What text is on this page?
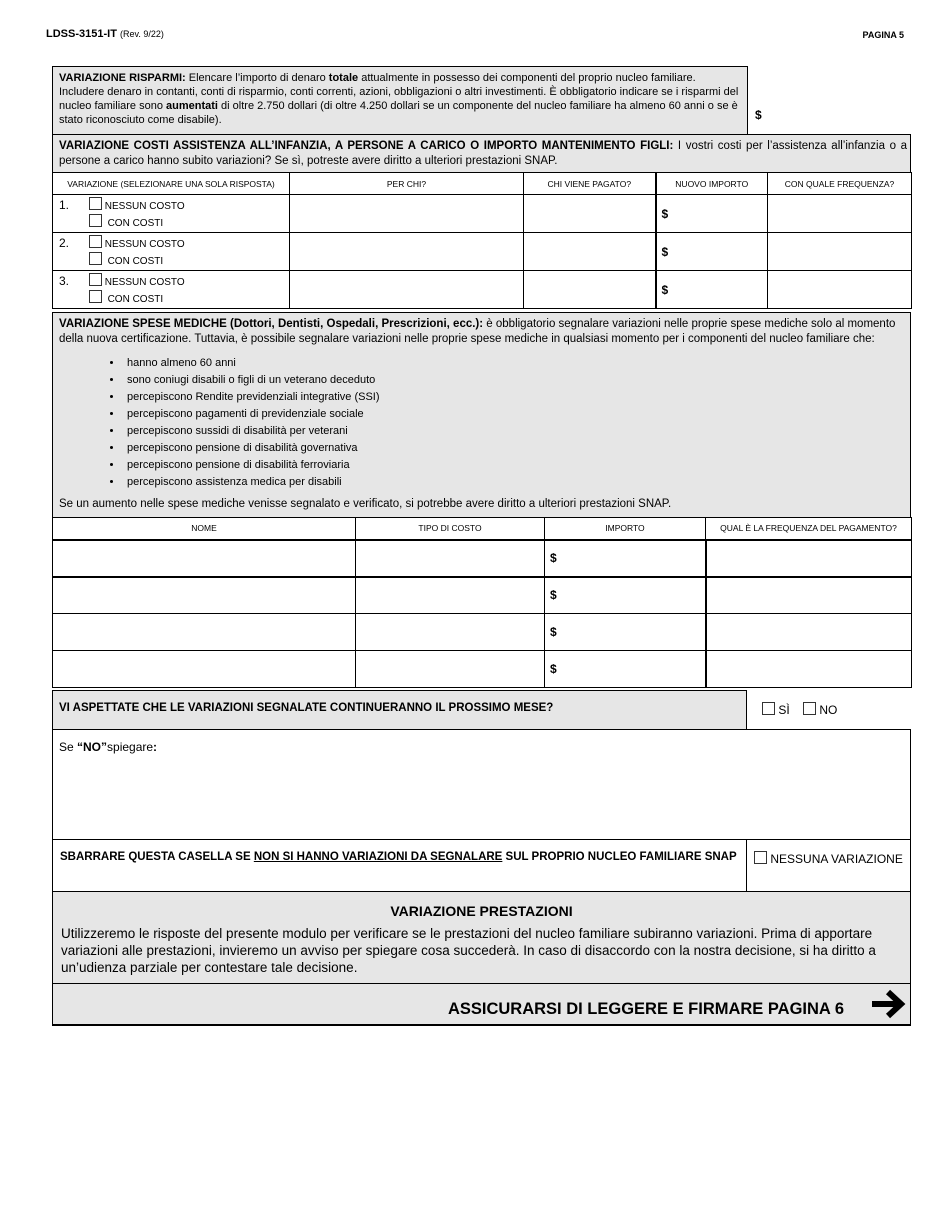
LDSS-3151-IT (Rev. 9/22)	PAGINA 5
VARIAZIONE RISPARMI: Elencare l’importo di denaro totale attualmente in possesso dei componenti del proprio nucleo familiare. Includere denaro in contanti, conti di risparmio, conti correnti, azioni, obbligazioni o altri investimenti. È obbligatorio indicare se i risparmi del nucleo familiare sono aumentati di oltre 2.750 dollari (di oltre 4.250 dollari se un componente del nucleo familiare ha almeno 60 anni o se è stato riconosciuto come disabile).	$
VARIAZIONE COSTI ASSISTENZA ALL’INFANZIA, A PERSONE A CARICO O IMPORTO MANTENIMENTO FIGLI: I vostri costi per l’assistenza all’infanzia o a persone a carico hanno subito variazioni? Se sì, potreste avere diritto a ulteriori prestazioni SNAP.
VARIAZIONE (SELEZIONARE UNA SOLA RISPOSTA)	PER CHI?	CHI VIENE PAGATO?	NUOVO IMPORTO	CON QUALE FREQUENZA?

1. NESSUN COSTO
CON COSTI			$	

2. NESSUN COSTO
CON COSTI			$	

3. NESSUN COSTO
CON COSTI			$	
VARIAZIONE SPESE MEDICHE (Dottori, Dentisti, Ospedali, Prescrizioni, ecc.): è obbligatorio segnalare variazioni nelle proprie spese mediche solo al momento della nuova certificazione. Tuttavia, è possibile segnalare variazioni nelle proprie spese mediche in qualsiasi momento per i componenti del nucleo familiare che:
• hanno almeno 60 anni
• sono coniugi disabili o figli di un veterano deceduto
• percepiscono Rendite previdenziali integrative (SSI)
• percepiscono pagamenti di previdenziale sociale
• percepiscono sussidi di disabilità per veterani
• percepiscono pensione di disabilità governativa
• percepiscono pensione di disabilità ferroviaria
• percepiscono assistenza medica per disabili
Se un aumento nelle spese mediche venisse segnalato e verificato, si potrebbe avere diritto a ulteriori prestazioni SNAP.
NOME	TIPO DI COSTO	IMPORTO	QUAL È LA FREQUENZA DEL PAGAMENTO?
		$	
		$	
		$	
		$	
VI ASPETTATE CHE LE VARIAZIONI SEGNALATE CONTINUERANNO IL PROSSIMO MESE?	SÌ	NO
Se “NO”spiegare:
SBARRARE QUESTA CASELLA SE NON SI HANNO VARIAZIONI DA SEGNALARE SUL PROPRIO NUCLEO FAMILIARE SNAP	NESSUNA VARIAZIONE
VARIAZIONE PRESTAZIONI
Utilizzeremo le risposte del presente modulo per verificare se le prestazioni del nucleo familiare subiranno variazioni. Prima di apportare variazioni alle prestazioni, invieremo un avviso per spiegare cosa succederà. In caso di disaccordo con la nostra decisione, si ha diritto a un’udienza parziale per contestare tale decisione.
ASSICURARSI DI LEGGERE E FIRMARE PAGINA 6
